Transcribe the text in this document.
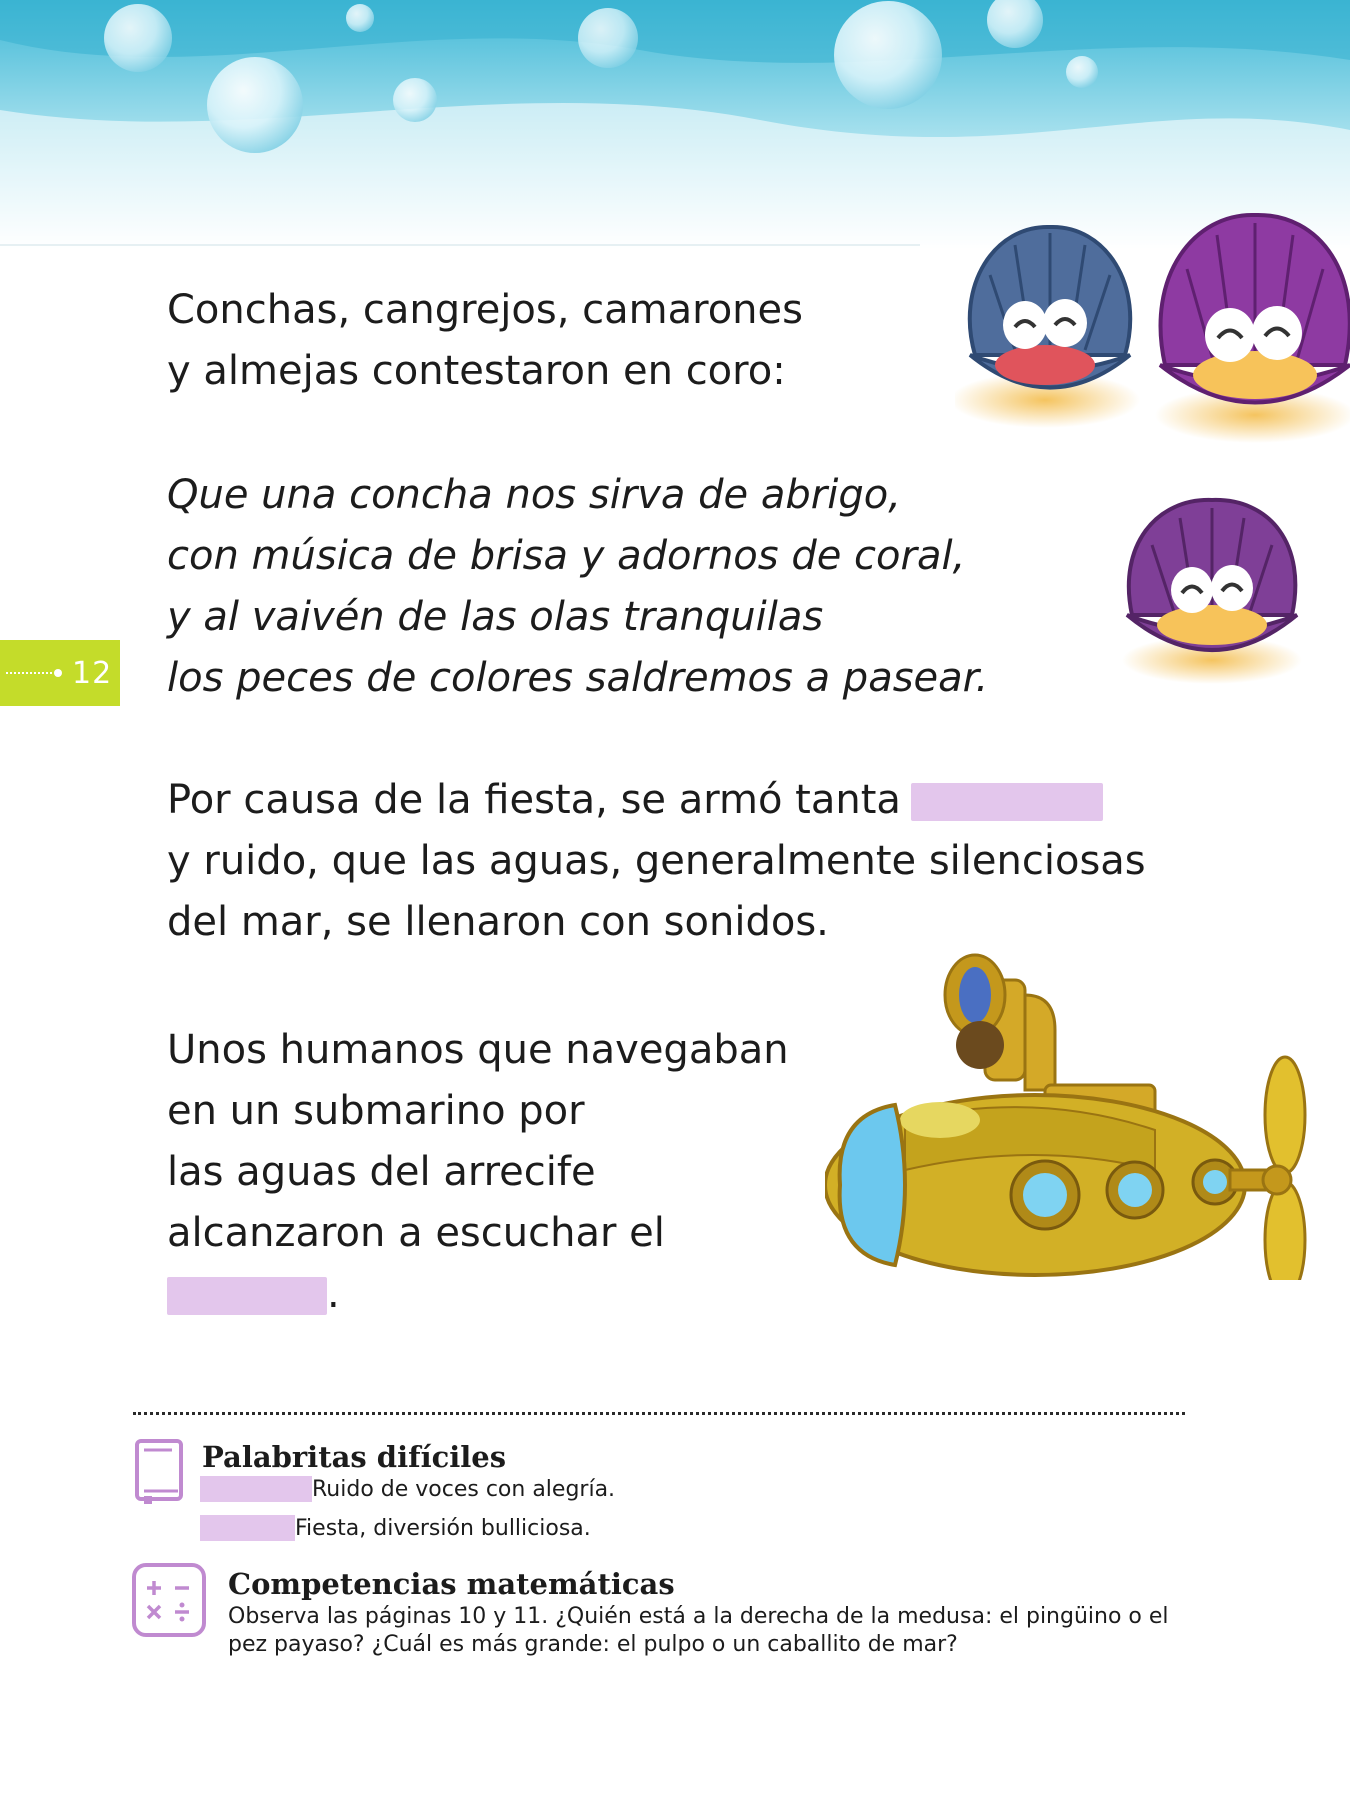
12

Conchas, cangrejos, camarones
y almejas contestaron en coro:

Que una concha nos sirva de abrigo,
con música de brisa y adornos de coral,
y al vaivén de las olas tranquilas
los peces de colores saldremos a pasear.

Por causa de la fiesta, se armó tanta
y ruido, que las aguas, generalmente silenciosas
del mar, se llenaron con sonidos.

Unos humanos que navegaban
en un submarino por
las aguas del arrecife
alcanzaron a escuchar el
.

Palabritas difíciles
Ruido de voces con alegría.
Fiesta, diversión bulliciosa.
Competencias matemáticas

Observa las páginas 10 y 11. ¿Quién está a la derecha de la medusa: el pingüino o el pez payaso? ¿Cuál es más grande: el pulpo o un caballito de mar?
